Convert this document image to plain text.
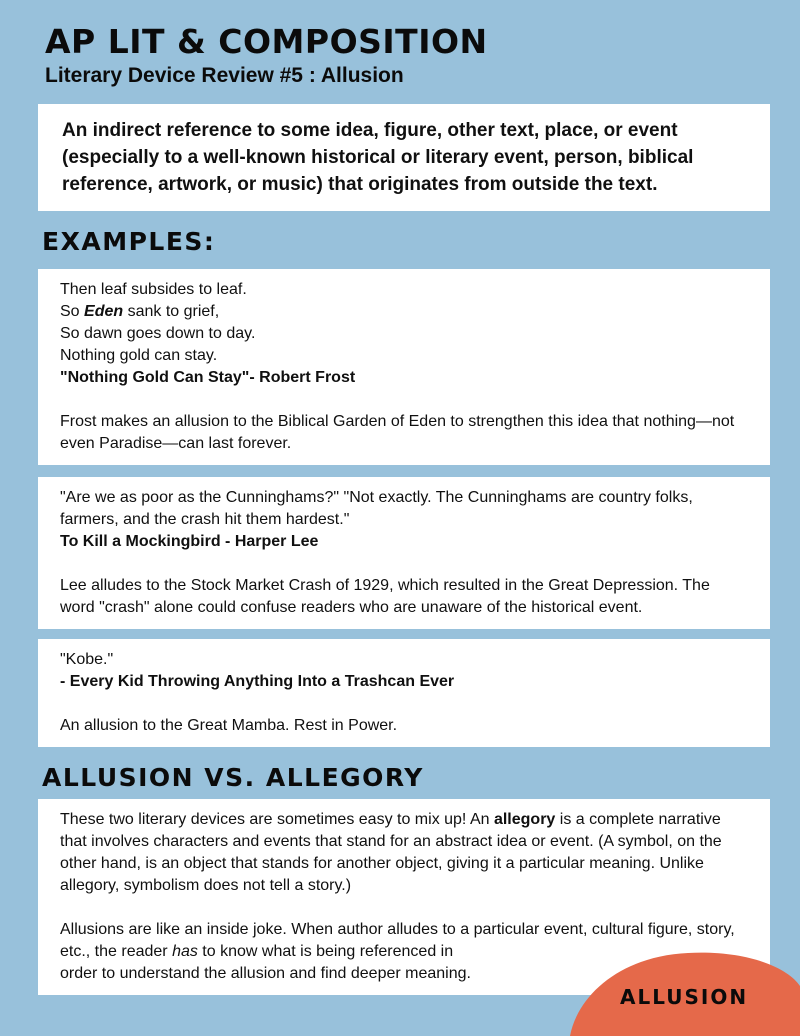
AP LIT & COMPOSITION
Literary Device Review #5 : Allusion

An indirect reference to some idea, figure, other text, place, or event (especially to a well-known historical or literary event, person, biblical reference, artwork, or music) that originates from outside the text.

EXAMPLES:

Then leaf subsides to leaf.

So Eden sank to grief,

So dawn goes down to day.

Nothing gold can stay.

"Nothing Gold Can Stay"- Robert Frost

Frost makes an allusion to the Biblical Garden of Eden to strengthen this idea that nothing—not even Paradise—can last forever.

"Are we as poor as the Cunninghams?" "Not exactly. The Cunninghams are country folks, farmers, and the crash hit them hardest."

To Kill a Mockingbird - Harper Lee

Lee alludes to the Stock Market Crash of 1929, which resulted in the Great Depression. The word "crash" alone could confuse readers who are unaware of the historical event.

"Kobe."

- Every Kid Throwing Anything Into a Trashcan Ever

An allusion to the Great Mamba. Rest in Power.

ALLUSION VS. ALLEGORY

These two literary devices are sometimes easy to mix up! An allegory is a complete narrative that involves characters and events that stand for an abstract idea or event. (A symbol, on the other hand, is an object that stands for another object, giving it a particular meaning. Unlike allegory, symbolism does not tell a story.)

Allusions are like an inside joke. When author alludes to a particular event, cultural figure, story, etc., the reader has to know what is being referenced in
order to understand the allusion and find deeper meaning.

ALLUSION
